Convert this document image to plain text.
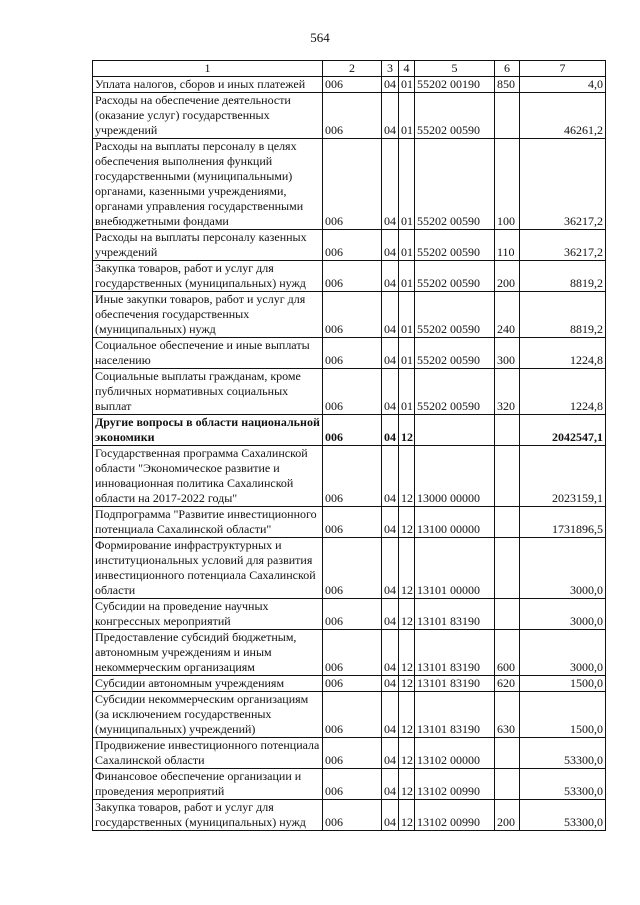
564
1	2	3	4	5	6	7
Уплата налогов, сборов и иных платежей	006	04	01	55202 00190	850	4,0
Расходы на обеспечение деятельности (оказание услуг) государственных учреждений	006	04	01	55202 00590		46261,2
Расходы на выплаты персоналу в целях обеспечения выполнения функций государственными (муниципальными) органами, казенными учреждениями, органами управления государственными внебюджетными фондами	006	04	01	55202 00590	100	36217,2
Расходы на выплаты персоналу казенных учреждений	006	04	01	55202 00590	110	36217,2
Закупка товаров, работ и услуг для государственных (муниципальных) нужд	006	04	01	55202 00590	200	8819,2
Иные закупки товаров, работ и услуг для обеспечения государственных (муниципальных) нужд	006	04	01	55202 00590	240	8819,2
Социальное обеспечение и иные выплаты населению	006	04	01	55202 00590	300	1224,8
Социальные выплаты гражданам, кроме публичных нормативных социальных выплат	006	04	01	55202 00590	320	1224,8
Другие вопросы в области национальной экономики	006	04	12			2042547,1
Государственная программа Сахалинской области "Экономическое развитие и инновационная политика Сахалинской области на 2017-2022 годы"	006	04	12	13000 00000		2023159,1
Подпрограмма "Развитие инвестиционного потенциала Сахалинской области"	006	04	12	13100 00000		1731896,5
Формирование инфраструктурных и институциональных условий для развития инвестиционного потенциала Сахалинской области	006	04	12	13101 00000		3000,0
Субсидии на проведение научных конгрессных мероприятий	006	04	12	13101 83190		3000,0
Предоставление субсидий бюджетным, автономным учреждениям и иным некоммерческим организациям	006	04	12	13101 83190	600	3000,0
Субсидии автономным учреждениям	006	04	12	13101 83190	620	1500,0
Субсидии некоммерческим организациям (за исключением государственных (муниципальных) учреждений)	006	04	12	13101 83190	630	1500,0
Продвижение инвестиционного потенциала Сахалинской области	006	04	12	13102 00000		53300,0
Финансовое обеспечение организации и проведения мероприятий	006	04	12	13102 00990		53300,0
Закупка товаров, работ и услуг для государственных (муниципальных) нужд	006	04	12	13102 00990	200	53300,0
